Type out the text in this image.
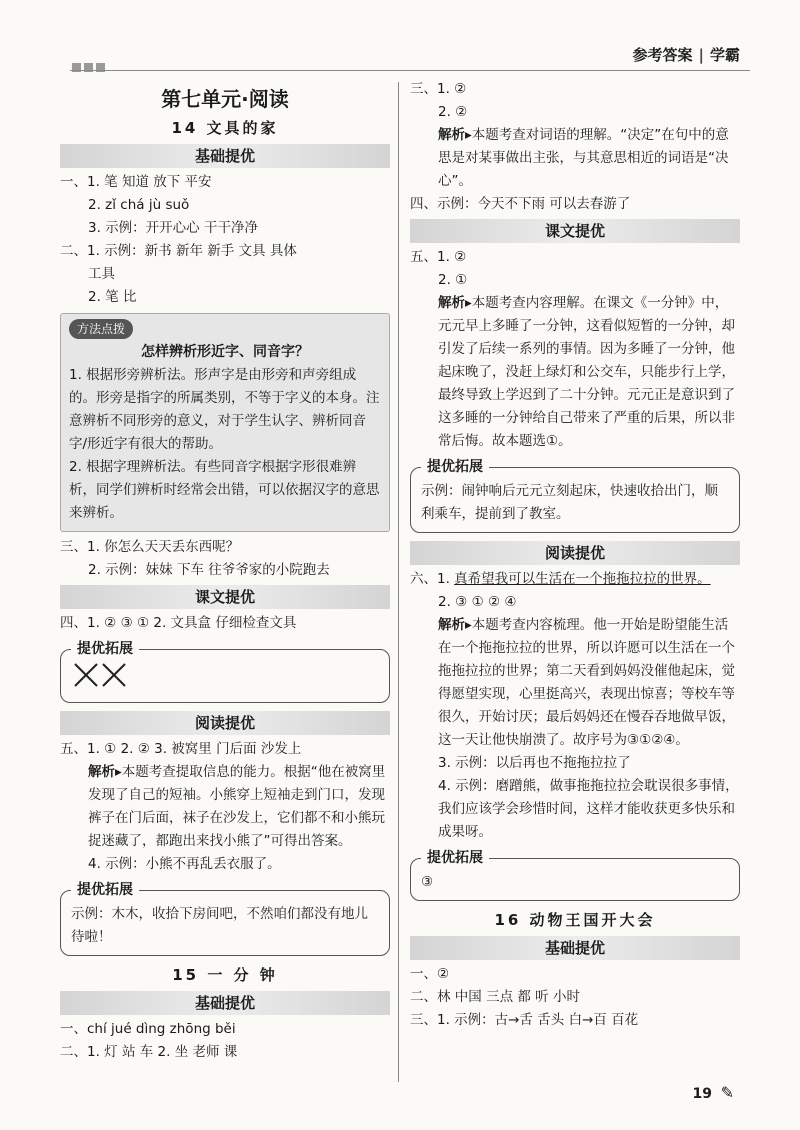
参考答案 | 学霸
第七单元·阅读
14 文具的家
基础提优
一、1. 笔 知道 放下 平安
2. zǐ chá jù suǒ
3. 示例：开开心心 干干净净
二、1. 示例：新书 新年 新手 文具 具体
工具
2. 笔 比
方法点拨
怎样辨析形近字、同音字？
1. 根据形旁辨析法。形声字是由形旁和声旁组成的。形旁是指字的所属类别，不等于字义的本身。注意辨析不同形旁的意义，对于学生认字、辨析同音字/形近字有很大的帮助。
2. 根据字理辨析法。有些同音字根据字形很难辨析，同学们辨析时经常会出错，可以依据汉字的意思来辨析。
三、1. 你怎么天天丢东西呢？
2. 示例：妹妹 下车 往爷爷家的小院跑去
课文提优
四、1. ② ③ ① 2. 文具盒 仔细检查文具
提优拓展
阅读提优
五、1. ① 2. ② 3. 被窝里 门后面 沙发上
解析▸本题考查提取信息的能力。根据“他在被窝里发现了自己的短袖。小熊穿上短袖走到门口，发现裤子在门后面，袜子在沙发上，它们都不和小熊玩捉迷藏了，都跑出来找小熊了”可得出答案。
4. 示例：小熊不再乱丢衣服了。
提优拓展
示例：木木，收拾下房间吧，不然咱们都没有地儿待啦！
15 一 分 钟
基础提优
一、chí jué dìng zhōng běi
二、1. 灯 站 车 2. 坐 老师 课
三、1. ②
2. ②
解析▸本题考查对词语的理解。“决定”在句中的意思是对某事做出主张，与其意思相近的词语是“决心”。
四、示例：今天不下雨 可以去春游了
课文提优
五、1. ②
2. ①
解析▸本题考查内容理解。在课文《一分钟》中，元元早上多睡了一分钟，这看似短暂的一分钟，却引发了后续一系列的事情。因为多睡了一分钟，他起床晚了，没赶上绿灯和公交车，只能步行上学，最终导致上学迟到了二十分钟。元元正是意识到了这多睡的一分钟给自己带来了严重的后果，所以非常后悔。故本题选①。
提优拓展
示例：闹钟响后元元立刻起床，快速收拾出门，顺利乘车，提前到了教室。
阅读提优
六、1. 真希望我可以生活在一个拖拖拉拉的世界。
2. ③ ① ② ④
解析▸本题考查内容梳理。他一开始是盼望能生活在一个拖拖拉拉的世界，所以许愿可以生活在一个拖拖拉拉的世界；第二天看到妈妈没催他起床，觉得愿望实现，心里挺高兴，表现出惊喜；等校车等很久，开始讨厌；最后妈妈还在慢吞吞地做早饭，这一天让他快崩溃了。故序号为③①②④。
3. 示例：以后再也不拖拖拉拉了
4. 示例：磨蹭熊，做事拖拖拉拉会耽误很多事情，我们应该学会珍惜时间，这样才能收获更多快乐和成果呀。
提优拓展
③
16 动物王国开大会
基础提优
一、②
二、林 中国 三点 都 听 小时
三、1. 示例：古→舌 舌头 白→百 百花
19 ✎
